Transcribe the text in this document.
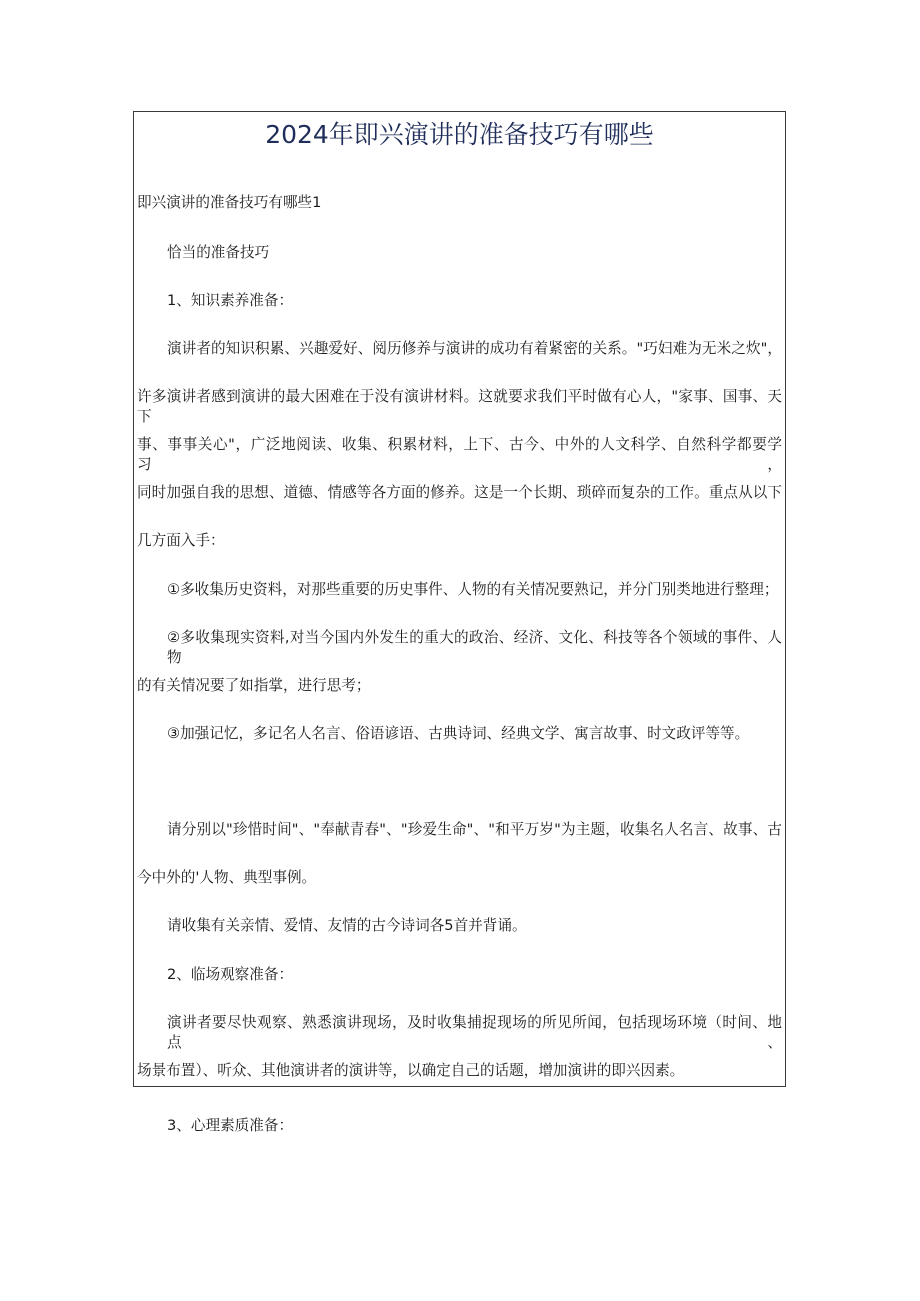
2024年即兴演讲的准备技巧有哪些
即兴演讲的准备技巧有哪些1
恰当的准备技巧
1、知识素养准备：
演讲者的知识积累、兴趣爱好、阅历修养与演讲的成功有着紧密的关系。"巧妇难为无米之炊"，
许多演讲者感到演讲的最大困难在于没有演讲材料。这就要求我们平时做有心人，"家事、国事、天下
事、事事关心"，广泛地阅读、收集、积累材料，上下、古今、中外的人文科学、自然科学都要学习，
同时加强自我的思想、道德、情感等各方面的修养。这是一个长期、琐碎而复杂的工作。重点从以下
几方面入手：
①多收集历史资料，对那些重要的历史事件、人物的有关情况要熟记，并分门别类地进行整理；
②多收集现实资料,对当今国内外发生的重大的政治、经济、文化、科技等各个领域的事件、人物
的有关情况要了如指掌，进行思考；
③加强记忆，多记名人名言、俗语谚语、古典诗词、经典文学、寓言故事、时文政评等等。
请分别以"珍惜时间"、"奉献青春"、"珍爱生命"、"和平万岁"为主题，收集名人名言、故事、古
今中外的'人物、典型事例。
请收集有关亲情、爱情、友情的古今诗词各5首并背诵。
2、临场观察准备：
演讲者要尽快观察、熟悉演讲现场，及时收集捕捉现场的所见所闻，包括现场环境（时间、地点、
场景布置）、听众、其他演讲者的演讲等，以确定自己的话题，增加演讲的即兴因素。
3、心理素质准备：
